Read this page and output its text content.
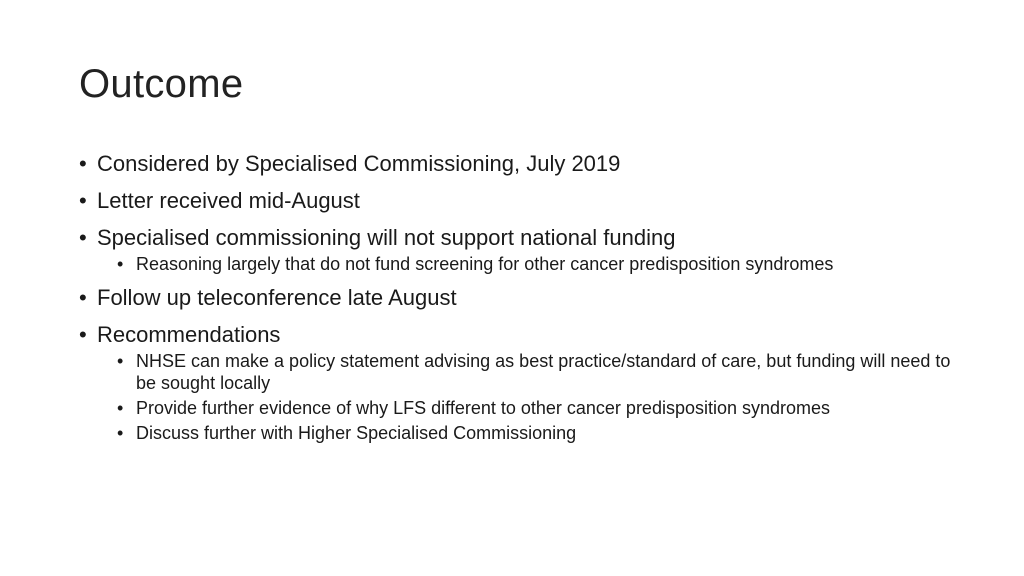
Outcome
• Considered by Specialised Commissioning, July 2019
• Letter received mid-August
• Specialised commissioning will not support national funding
• Reasoning largely that do not fund screening for other cancer predisposition syndromes
• Follow up teleconference late August
• Recommendations
• NHSE can make a policy statement advising as best practice/standard of care, but funding will need to be sought locally
• Provide further evidence of why LFS different to other cancer predisposition syndromes
• Discuss further with Higher Specialised Commissioning
